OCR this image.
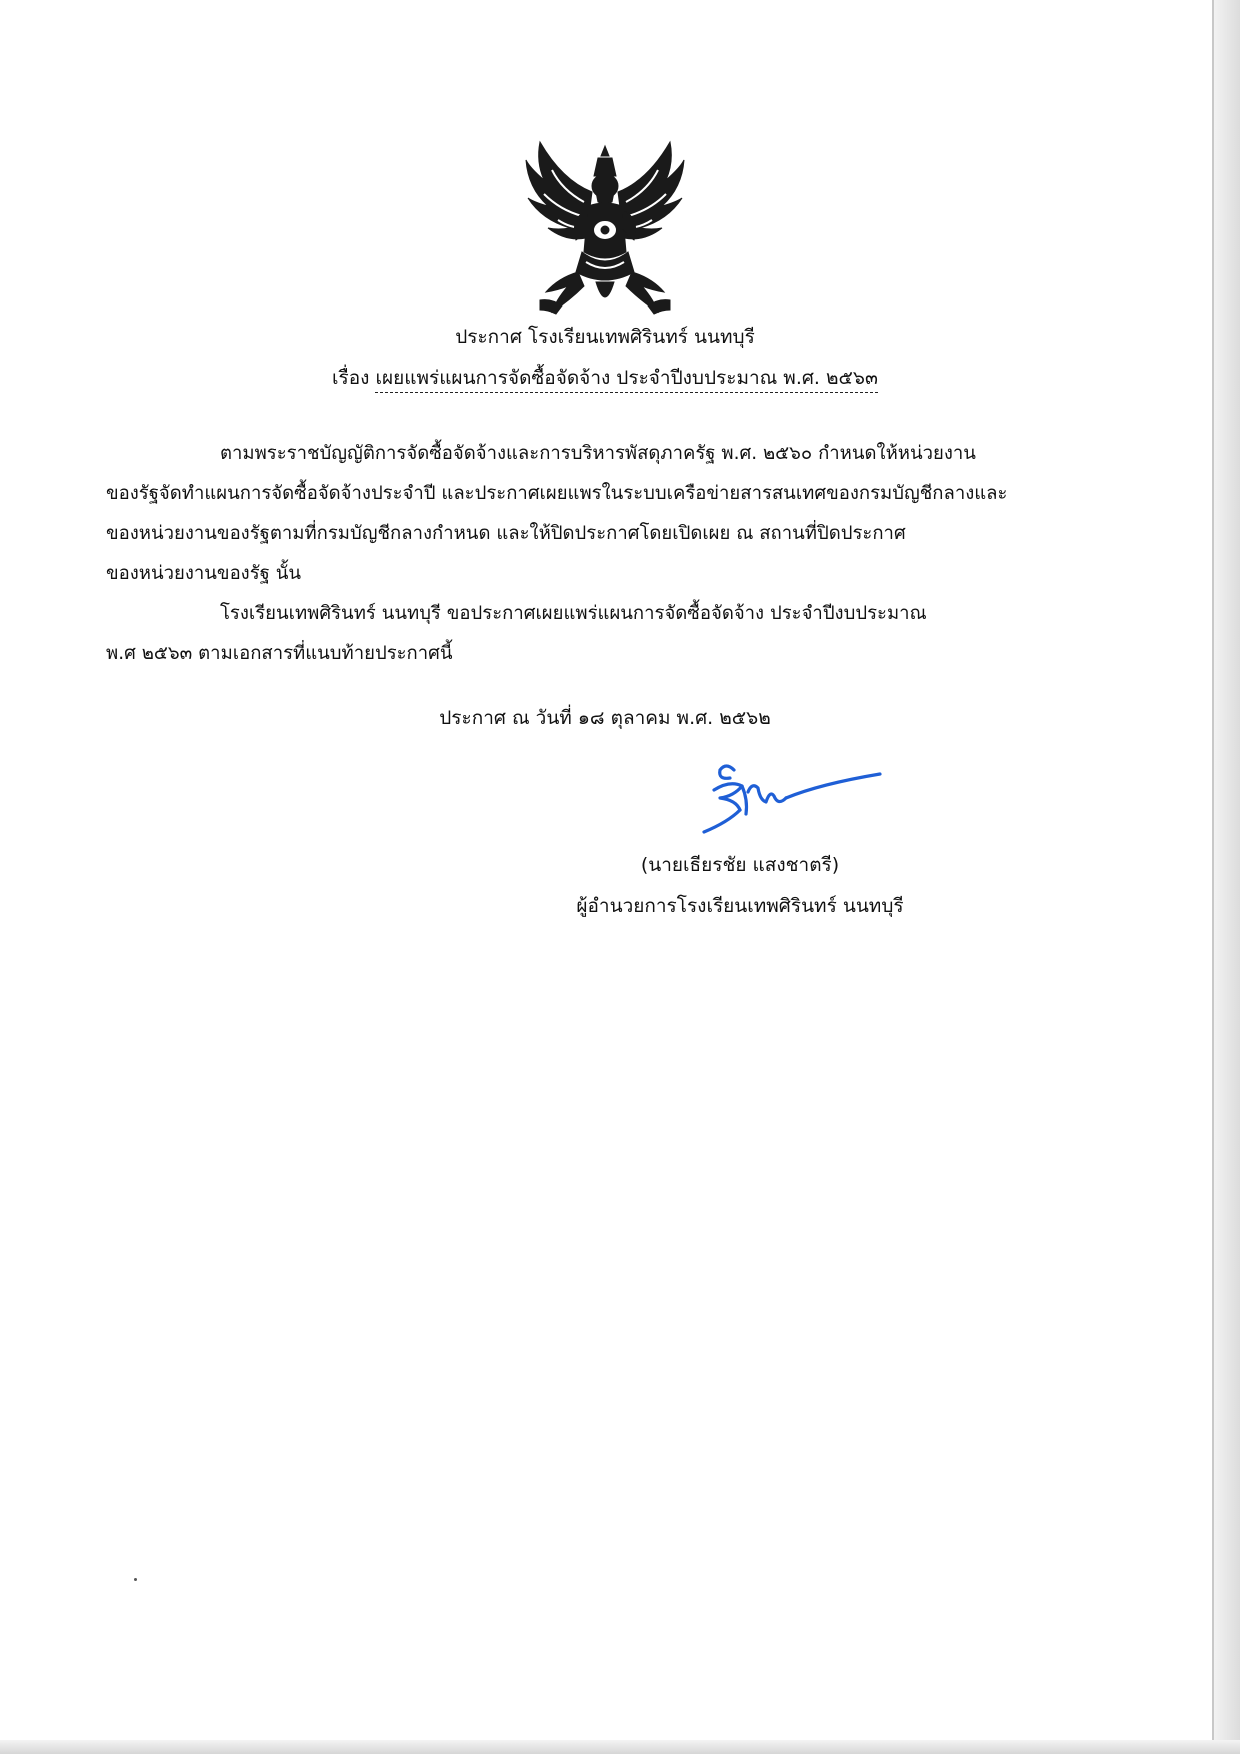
ประกาศ โรงเรียนเทพศิรินทร์ นนทบุรี
เรื่อง เผยแพร่แผนการจัดซื้อจัดจ้าง ประจำปีงบประมาณ พ.ศ. ๒๕๖๓

ตามพระราชบัญญัติการจัดซื้อจัดจ้างและการบริหารพัสดุภาครัฐ พ.ศ. ๒๕๖๐ กำหนดให้หน่วยงาน

ของรัฐจัดทำแผนการจัดซื้อจัดจ้างประจำปี และประกาศเผยแพรในระบบเครือข่ายสารสนเทศของกรมบัญชีกลางและ

ของหน่วยงานของรัฐตามที่กรมบัญชีกลางกำหนด และให้ปิดประกาศโดยเปิดเผย ณ สถานที่ปิดประกาศ

ของหน่วยงานของรัฐ นั้น

โรงเรียนเทพศิรินทร์ นนทบุรี ขอประกาศเผยแพร่แผนการจัดซื้อจัดจ้าง ประจำปีงบประมาณ

พ.ศ ๒๕๖๓ ตามเอกสารที่แนบท้ายประกาศนี้

ประกาศ ณ วันที่ ๑๘ ตุลาคม พ.ศ. ๒๕๖๒
(นายเธียรชัย แสงชาตรี)
ผู้อำนวยการโรงเรียนเทพศิรินทร์ นนทบุรี
